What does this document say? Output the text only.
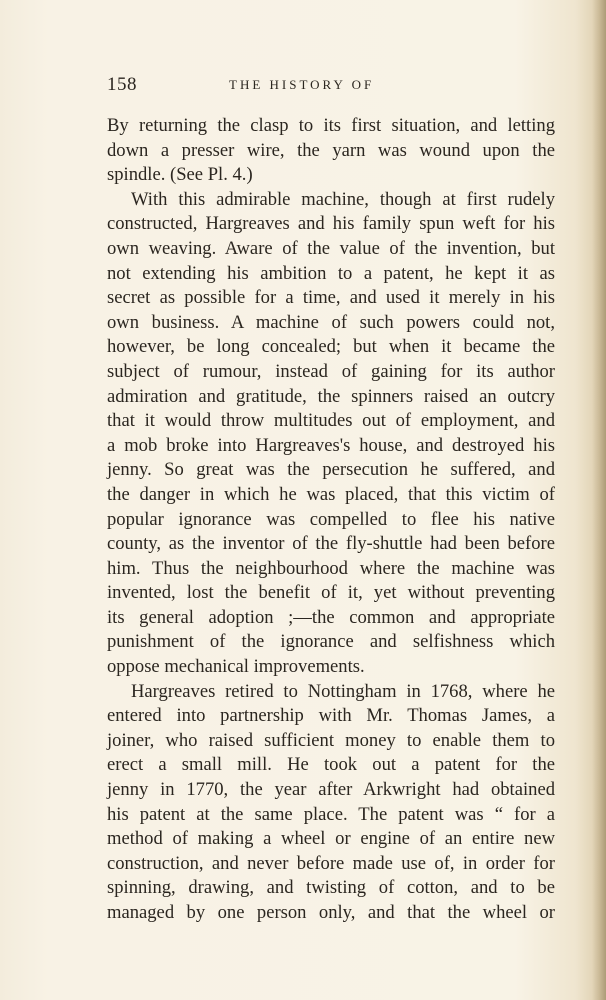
158	THE HISTORY OF
By returning the clasp to its first situation, and letting
down a presser wire, the yarn was wound upon the
spindle. (See Pl. 4.)
With this admirable machine, though at first rudely
constructed, Hargreaves and his family spun weft for his
own weaving. Aware of the value of the invention, but
not extending his ambition to a patent, he kept it as
secret as possible for a time, and used it merely in his
own business. A machine of such powers could not,
however, be long concealed; but when it became the
subject of rumour, instead of gaining for its author
admiration and gratitude, the spinners raised an outcry
that it would throw multitudes out of employment, and
a mob broke into Hargreaves's house, and destroyed his
jenny. So great was the persecution he suffered, and
the danger in which he was placed, that this victim of
popular ignorance was compelled to flee his native
county, as the inventor of the fly-shuttle had been before
him. Thus the neighbourhood where the machine was
invented, lost the benefit of it, yet without preventing
its general adoption ;—the common and appropriate
punishment of the ignorance and selfishness which
oppose mechanical improvements.
Hargreaves retired to Nottingham in 1768, where he
entered into partnership with Mr. Thomas James, a
joiner, who raised sufficient money to enable them to
erect a small mill. He took out a patent for the
jenny in 1770, the year after Arkwright had obtained
his patent at the same place. The patent was “ for a
method of making a wheel or engine of an entire new
construction, and never before made use of, in order for
spinning, drawing, and twisting of cotton, and to be
managed by one person only, and that the wheel or
